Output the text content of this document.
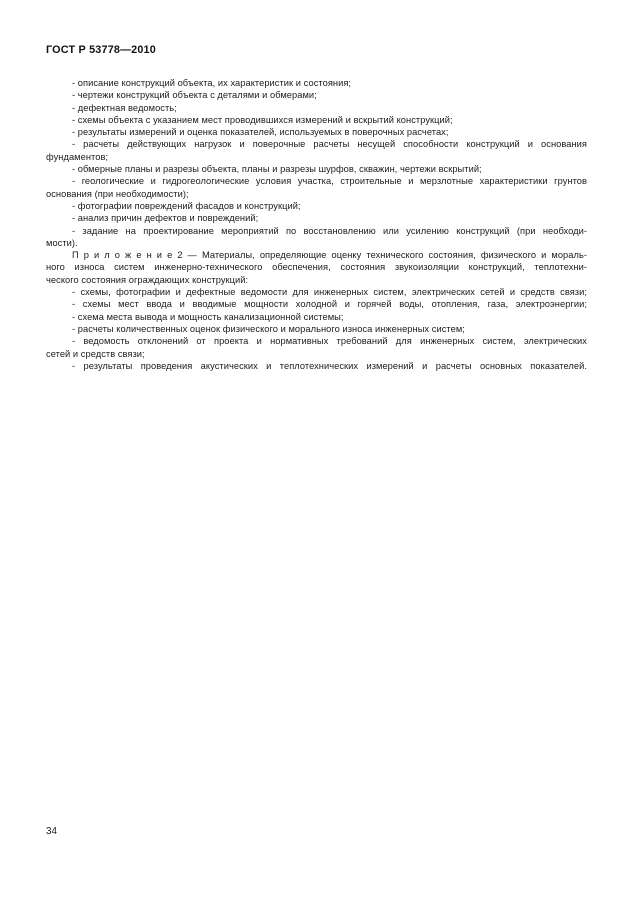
ГОСТ Р 53778—2010
- описание конструкций объекта, их характеристик и состояния;
- чертежи конструкций объекта с деталями и обмерами;
- дефектная ведомость;
- схемы объекта с указанием мест проводившихся измерений и вскрытий конструкций;
- результаты измерений и оценка показателей, используемых в поверочных расчетах;
- расчеты действующих нагрузок и поверочные расчеты несущей способности конструкций и основания
фундаментов;
- обмерные планы и разрезы объекта, планы и разрезы шурфов, скважин, чертежи вскрытий;
- геологические и гидрогеологические условия участка, строительные и мерзлотные характеристики грунтов
основания (при необходимости);
- фотографии повреждений фасадов и конструкций;
- анализ причин дефектов и повреждений;
- задание на проектирование мероприятий по восстановлению или усилению конструкций (при необходи-
мости).
П р и л о ж е н и е 2 — Материалы, определяющие оценку технического состояния, физического и мораль-
ного износа систем инженерно-технического обеспечения, состояния звукоизоляции конструкций, теплотехни-
ческого состояния ограждающих конструкций:
- схемы, фотографии и дефектные ведомости для инженерных систем, электрических сетей и средств связи;
- схемы мест ввода и вводимые мощности холодной и горячей воды, отопления, газа, электроэнергии;
- схема места вывода и мощность канализационной системы;
- расчеты количественных оценок физического и морального износа инженерных систем;
- ведомость отклонений от проекта и нормативных требований для инженерных систем, электрических
сетей и средств связи;
- результаты проведения акустических и теплотехнических измерений и расчеты основных показателей.
34
